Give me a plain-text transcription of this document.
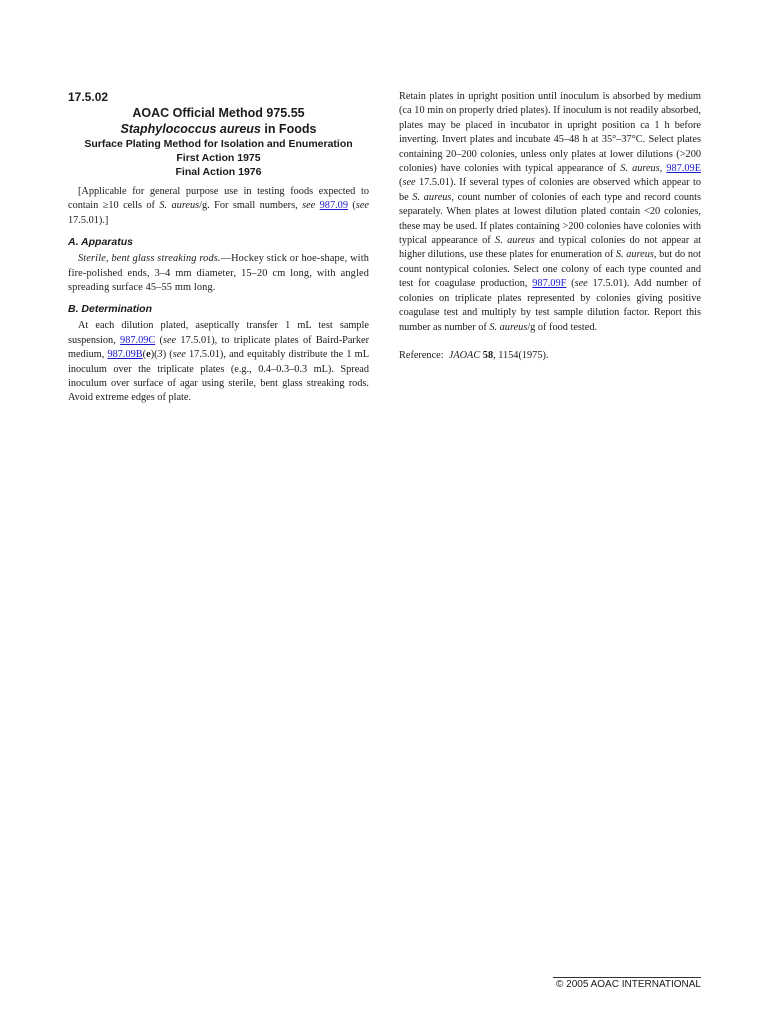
17.5.02
AOAC Official Method 975.55
Staphylococcus aureus in Foods
Surface Plating Method for Isolation and Enumeration
First Action 1975
Final Action 1976

[Applicable for general purpose use in testing foods expected to contain ≥10 cells of S. aureus/g. For small numbers, see 987.09 (see 17.5.01).]

A. Apparatus

Sterile, bent glass streaking rods.—Hockey stick or hoe-shape, with fire-polished ends, 3–4 mm diameter, 15–20 cm long, with angled spreading surface 45–55 mm long.

B. Determination

At each dilution plated, aseptically transfer 1 mL test sample suspension, 987.09C (see 17.5.01), to triplicate plates of Baird-Parker medium, 987.09B(e)(3) (see 17.5.01), and equitably distribute the 1 mL inoculum over the triplicate plates (e.g., 0.4–0.3–0.3 mL). Spread inoculum over surface of agar using sterile, bent glass streaking rods. Avoid extreme edges of plate.

Retain plates in upright position until inoculum is absorbed by medium (ca 10 min on properly dried plates). If inoculum is not readily absorbed, plates may be placed in incubator in upright position ca 1 h before inverting. Invert plates and incubate 45–48 h at 35°–37°C. Select plates containing 20–200 colonies, unless only plates at lower dilutions (>200 colonies) have colonies with typical appearance of S. aureus, 987.09E (see 17.5.01). If several types of colonies are observed which appear to be S. aureus, count number of colonies of each type and record counts separately. When plates at lowest dilution plated contain <20 colonies, these may be used. If plates containing >200 colonies have colonies with typical appearance of S. aureus and typical colonies do not appear at higher dilutions, use these plates for enumeration of S. aureus, but do not count nontypical colonies. Select one colony of each type counted and test for coagulase production, 987.09F (see 17.5.01). Add number of colonies on triplicate plates represented by colonies giving positive coagulase test and multiply by test sample dilution factor. Report this number as number of S. aureus/g of food tested.

Reference:  JAOAC 58, 1154(1975).

© 2005 AOAC INTERNATIONAL
